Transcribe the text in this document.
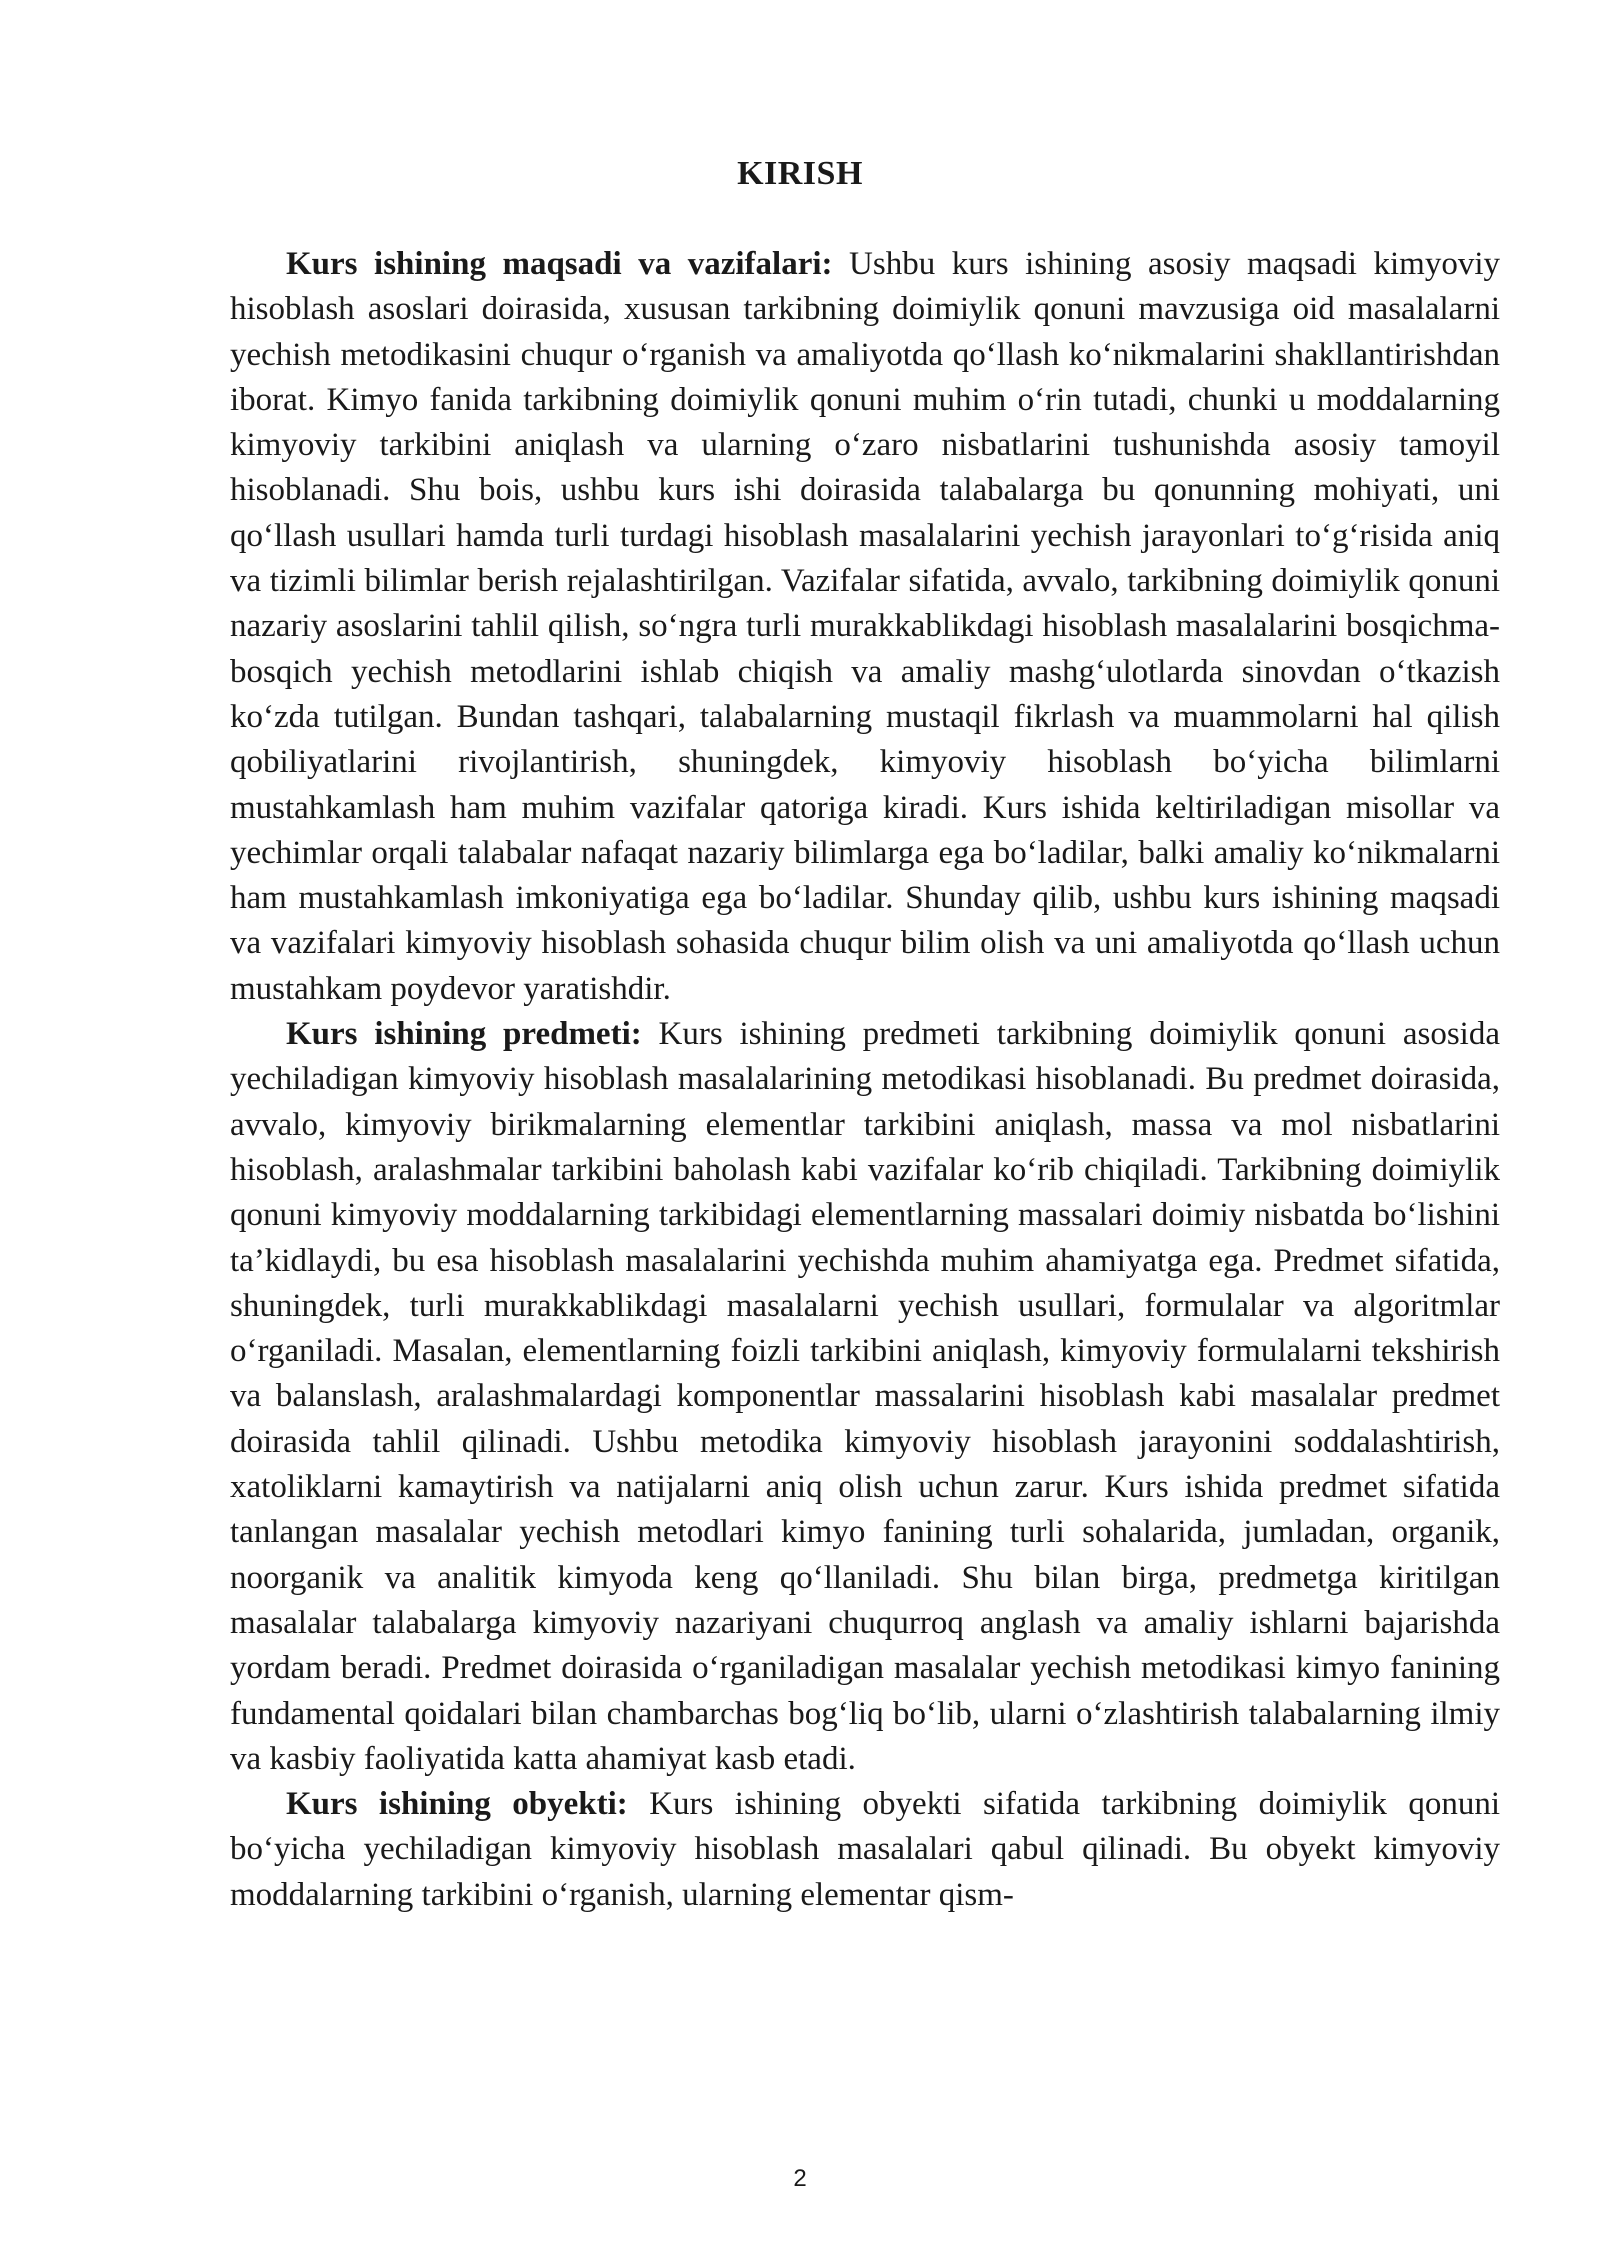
KIRISH

Kurs ishining maqsadi va vazifalari: Ushbu kurs ishining asosiy maqsadi kimyoviy hisoblash asoslari doirasida, xususan tarkibning doimiylik qonuni mavzusiga oid masalalarni yechish metodikasini chuqur o‘rganish va amaliyotda qo‘llash ko‘nikmalarini shakllantirishdan iborat. Kimyo fanida tarkibning doimiylik qonuni muhim o‘rin tutadi, chunki u moddalarning kimyoviy tarkibini aniqlash va ularning o‘zaro nisbatlarini tushunishda asosiy tamoyil hisoblanadi. Shu bois, ushbu kurs ishi doirasida talabalarga bu qonunning mohiyati, uni qo‘llash usullari hamda turli turdagi hisoblash masalalarini yechish jarayonlari to‘g‘risida aniq va tizimli bilimlar berish rejalashtirilgan. Vazifalar sifatida, avvalo, tarkibning doimiylik qonuni nazariy asoslarini tahlil qilish, so‘ngra turli murakkablikdagi hisoblash masalalarini bosqichma-bosqich yechish metodlarini ishlab chiqish va amaliy mashg‘ulotlarda sinovdan o‘tkazish ko‘zda tutilgan. Bundan tashqari, talabalarning mustaqil fikrlash va muammolarni hal qilish qobiliyatlarini rivojlantirish, shuningdek, kimyoviy hisoblash bo‘yicha bilimlarni mustahkamlash ham muhim vazifalar qatoriga kiradi. Kurs ishida keltiriladigan misollar va yechimlar orqali talabalar nafaqat nazariy bilimlarga ega bo‘ladilar, balki amaliy ko‘nikmalarni ham mustahkamlash imkoniyatiga ega bo‘ladilar. Shunday qilib, ushbu kurs ishining maqsadi va vazifalari kimyoviy hisoblash sohasida chuqur bilim olish va uni amaliyotda qo‘llash uchun mustahkam poydevor yaratishdir.

Kurs ishining predmeti: Kurs ishining predmeti tarkibning doimiylik qonuni asosida yechiladigan kimyoviy hisoblash masalalarining metodikasi hisoblanadi. Bu predmet doirasida, avvalo, kimyoviy birikmalarning elementlar tarkibini aniqlash, massa va mol nisbatlarini hisoblash, aralashmalar tarkibini baholash kabi vazifalar ko‘rib chiqiladi. Tarkibning doimiylik qonuni kimyoviy moddalarning tarkibidagi elementlarning massalari doimiy nisbatda bo‘lishini ta’kidlaydi, bu esa hisoblash masalalarini yechishda muhim ahamiyatga ega. Predmet sifatida, shuningdek, turli murakkablikdagi masalalarni yechish usullari, formulalar va algoritmlar o‘rganiladi. Masalan, elementlarning foizli tarkibini aniqlash, kimyoviy formulalarni tekshirish va balanslash, aralashmalardagi komponentlar massalarini hisoblash kabi masalalar predmet doirasida tahlil qilinadi. Ushbu metodika kimyoviy hisoblash jarayonini soddalashtirish, xatoliklarni kamaytirish va natijalarni aniq olish uchun zarur. Kurs ishida predmet sifatida tanlangan masalalar yechish metodlari kimyo fanining turli sohalarida, jumladan, organik, noorganik va analitik kimyoda keng qo‘llaniladi. Shu bilan birga, predmetga kiritilgan masalalar talabalarga kimyoviy nazariyani chuqurroq anglash va amaliy ishlarni bajarishda yordam beradi. Predmet doirasida o‘rganiladigan masalalar yechish metodikasi kimyo fanining fundamental qoidalari bilan chambarchas bog‘liq bo‘lib, ularni o‘zlashtirish talabalarning ilmiy va kasbiy faoliyatida katta ahamiyat kasb etadi.

Kurs ishining obyekti: Kurs ishining obyekti sifatida tarkibning doimiylik qonuni bo‘yicha yechiladigan kimyoviy hisoblash masalalari qabul qilinadi. Bu obyekt kimyoviy moddalarning tarkibini o‘rganish, ularning elementar qism-

2
